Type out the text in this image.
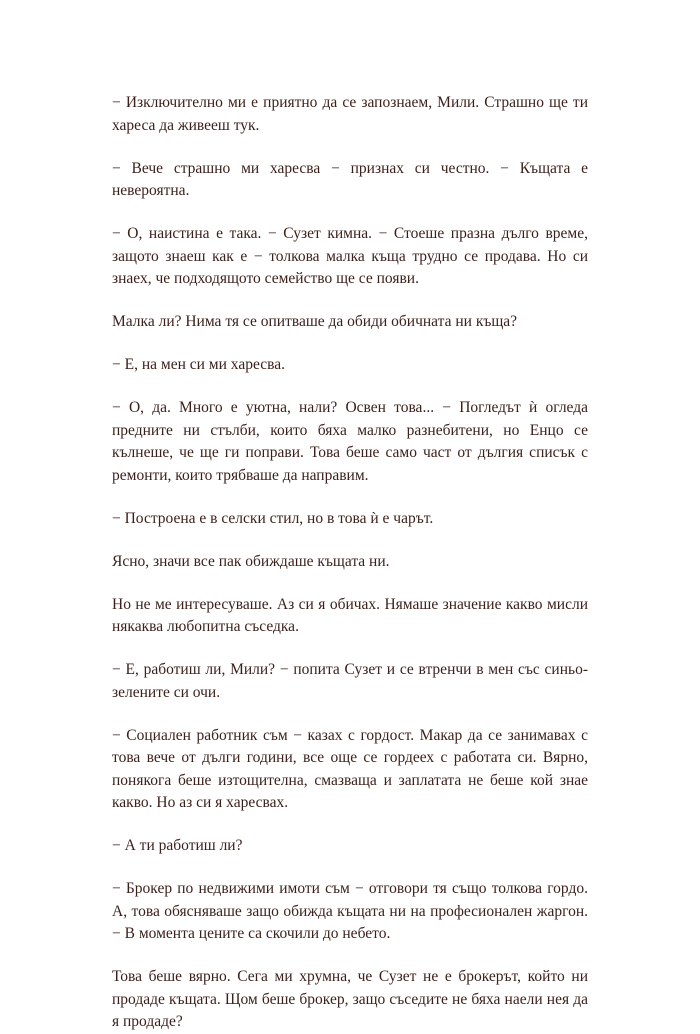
− Изключително ми е приятно да се запознаем, Мили. Страшно ще ти хареса да живееш тук.

− Вече страшно ми харесва − признах си честно. − Къщата е невероятна.

− О, наистина е така. − Сузет кимна. − Стоеше празна дълго време, защото знаеш как е − толкова малка къща трудно се продава. Но си знаех, че подходящото семейство ще се появи.

Малка ли? Нима тя се опитваше да обиди обичната ни къща?

− Е, на мен си ми харесва.

− О, да. Много е уютна, нали? Освен това... − Погледът ѝ огледа предните ни стълби, които бяха малко разнебитени, но Енцо се кълнеше, че ще ги поправи. Това беше само част от дългия списък с ремонти, които трябваше да направим.

− Построена е в селски стил, но в това ѝ е чарът.

Ясно, значи все пак обиждаше къщата ни.

Но не ме интересуваше. Аз си я обичах. Нямаше значение какво мисли някаква любопитна съседка.

− Е, работиш ли, Мили? − попита Сузет и се втренчи в мен със синьо-зелените си очи.

− Социален работник съм − казах с гордост. Макар да се занимавах с това вече от дълги години, все още се гордеех с работата си. Вярно, понякога беше изтощителна, смазваща и заплатата не беше кой знае какво. Но аз си я харесвах.

− А ти работиш ли?

− Брокер по недвижими имоти съм − отговори тя също толкова гордо. А, това обясняваше защо обижда къщата ни на професионален жаргон. − В момента цените са скочили до небето.

Това беше вярно. Сега ми хрумна, че Сузет не е брокерът, който ни продаде къщата. Щом беше брокер, защо съседите не бяха наели нея да я продаде?
